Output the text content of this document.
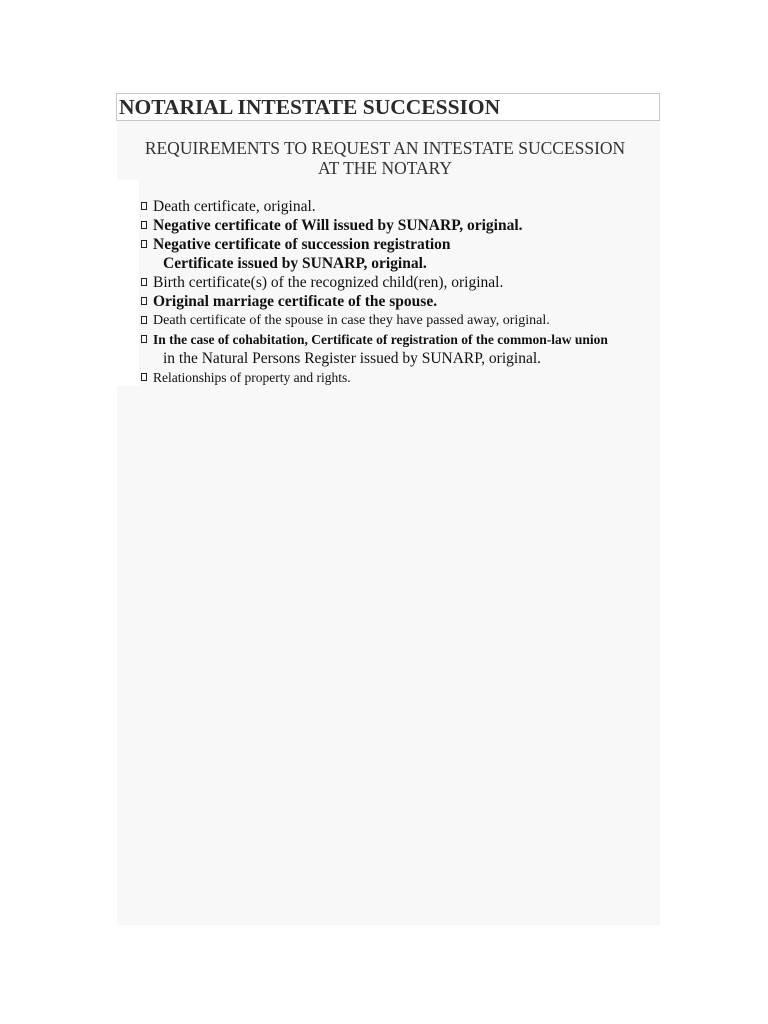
NOTARIAL INTESTATE SUCCESSION
REQUIREMENTS TO REQUEST AN INTESTATE SUCCESSION
AT THE NOTARY
Death certificate, original.
Negative certificate of Will issued by SUNARP, original.
Negative certificate of succession registration
Certificate issued by SUNARP, original.
Birth certificate(s) of the recognized child(ren), original.
Original marriage certificate of the spouse.
Death certificate of the spouse in case they have passed away, original.
In the case of cohabitation, Certificate of registration of the common-law union
in the Natural Persons Register issued by SUNARP, original.
Relationships of property and rights.
